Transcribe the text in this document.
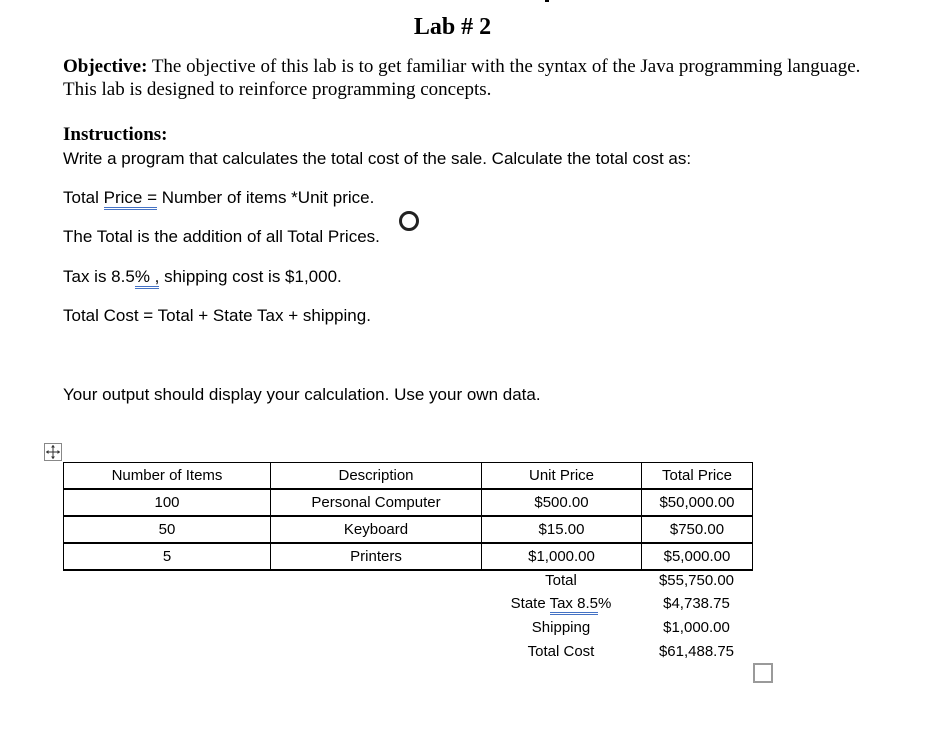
Lab # 2
Objective: The objective of this lab is to get familiar with the syntax of the Java programming language. This lab is designed to reinforce programming concepts.
Instructions:
Write a program that calculates the total cost of the sale. Calculate the total cost as:
Total Price = Number of items *Unit price.
The Total is the addition of all Total Prices.
Tax is 8.5% , shipping cost is $1,000.
Total Cost = Total + State Tax + shipping.
Your output should display your calculation. Use your own data.
Number of Items	Description	Unit Price	Total Price
100	Personal Computer	$500.00	$50,000.00
50	Keyboard	$15.00	$750.00
5	Printers	$1,000.00	$5,000.00
Total	$55,750.00
State Tax 8.5%	$4,738.75
Shipping	$1,000.00
Total Cost	$61,488.75
